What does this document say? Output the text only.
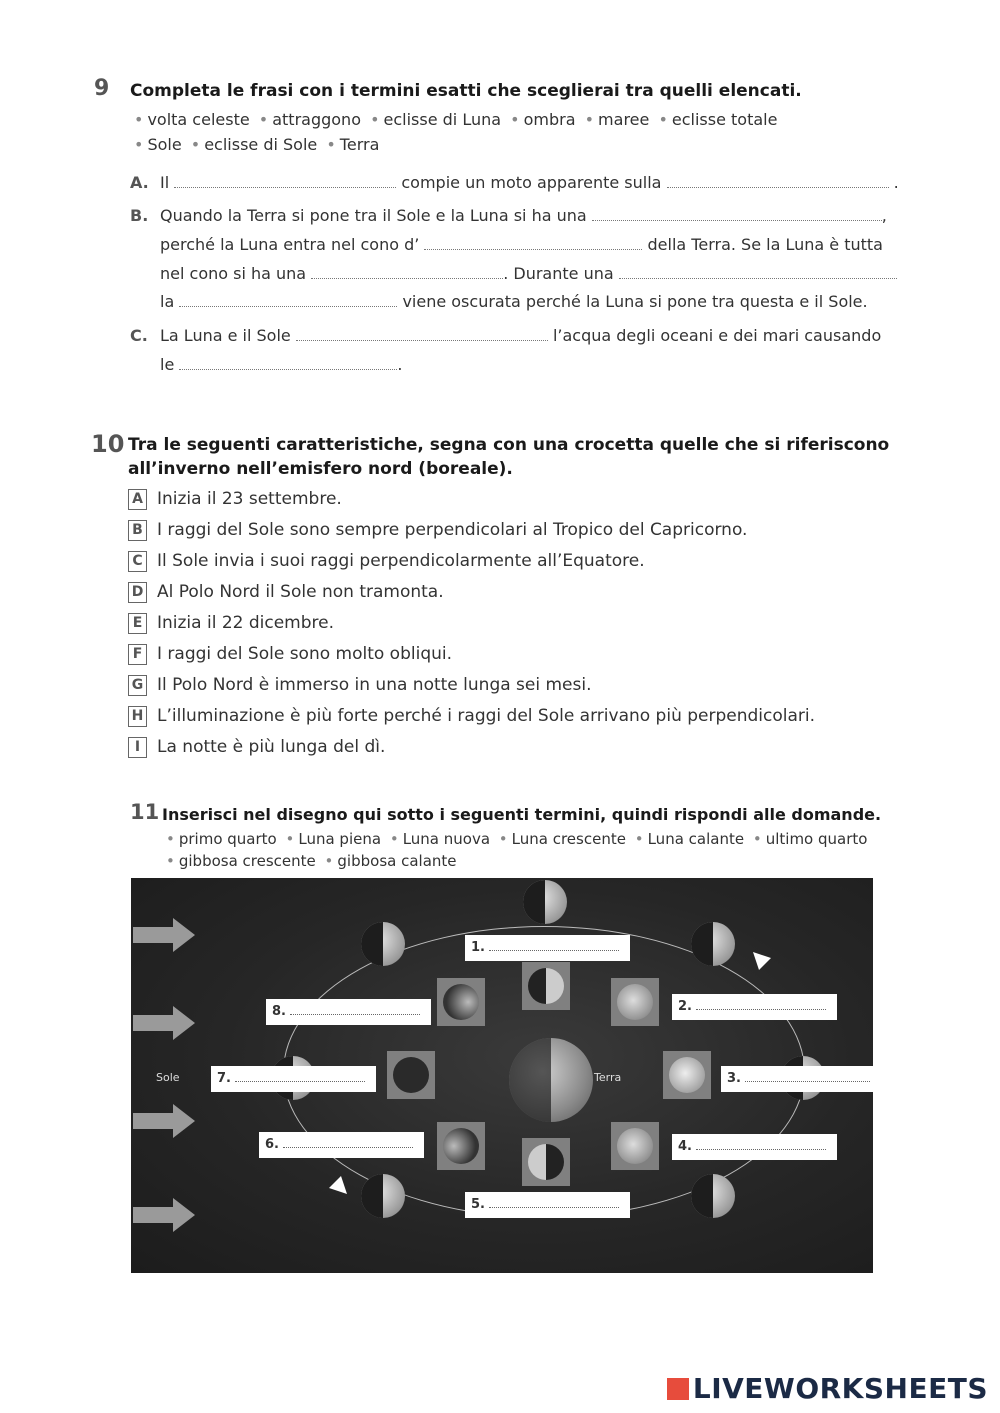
9 Completa le frasi con i termini esatti che sceglierai tra quelli elencati.
• volta celeste • attraggono • eclisse di Luna • ombra • maree • eclisse totale
• Sole • eclisse di Sole • Terra
A. Il	compie un moto apparente sulla	.
B. Quando la Terra si pone tra il Sole e la Luna si ha una	,
perché la Luna entra nel cono d’	della Terra. Se la Luna è tutta
nel cono si ha una	. Durante una
la	viene oscurata perché la Luna si pone tra questa e il Sole.
C. La Luna e il Sole	l’acqua degli oceani e dei mari causando
le	.
10 Tra le seguenti caratteristiche, segna con una crocetta quelle che si riferiscono
all’inverno nell’emisfero nord (boreale).
A Inizia il 23 settembre.
B I raggi del Sole sono sempre perpendicolari al Tropico del Capricorno.
C Il Sole invia i suoi raggi perpendicolarmente all’Equatore.
D Al Polo Nord il Sole non tramonta.
E Inizia il 22 dicembre.
F I raggi del Sole sono molto obliqui.
G Il Polo Nord è immerso in una notte lunga sei mesi.
H L’illuminazione è più forte perché i raggi del Sole arrivano più perpendicolari.
I La notte è più lunga del dì.
11 Inserisci nel disegno qui sotto i seguenti termini, quindi rispondi alle domande.
• primo quarto • Luna piena • Luna nuova • Luna crescente • Luna calante • ultimo quarto
• gibbosa crescente • gibbosa calante
Sole	Terra
1.
2.
3.
4.
5.
6.
7.
8.
LIVEWORKSHEETS
